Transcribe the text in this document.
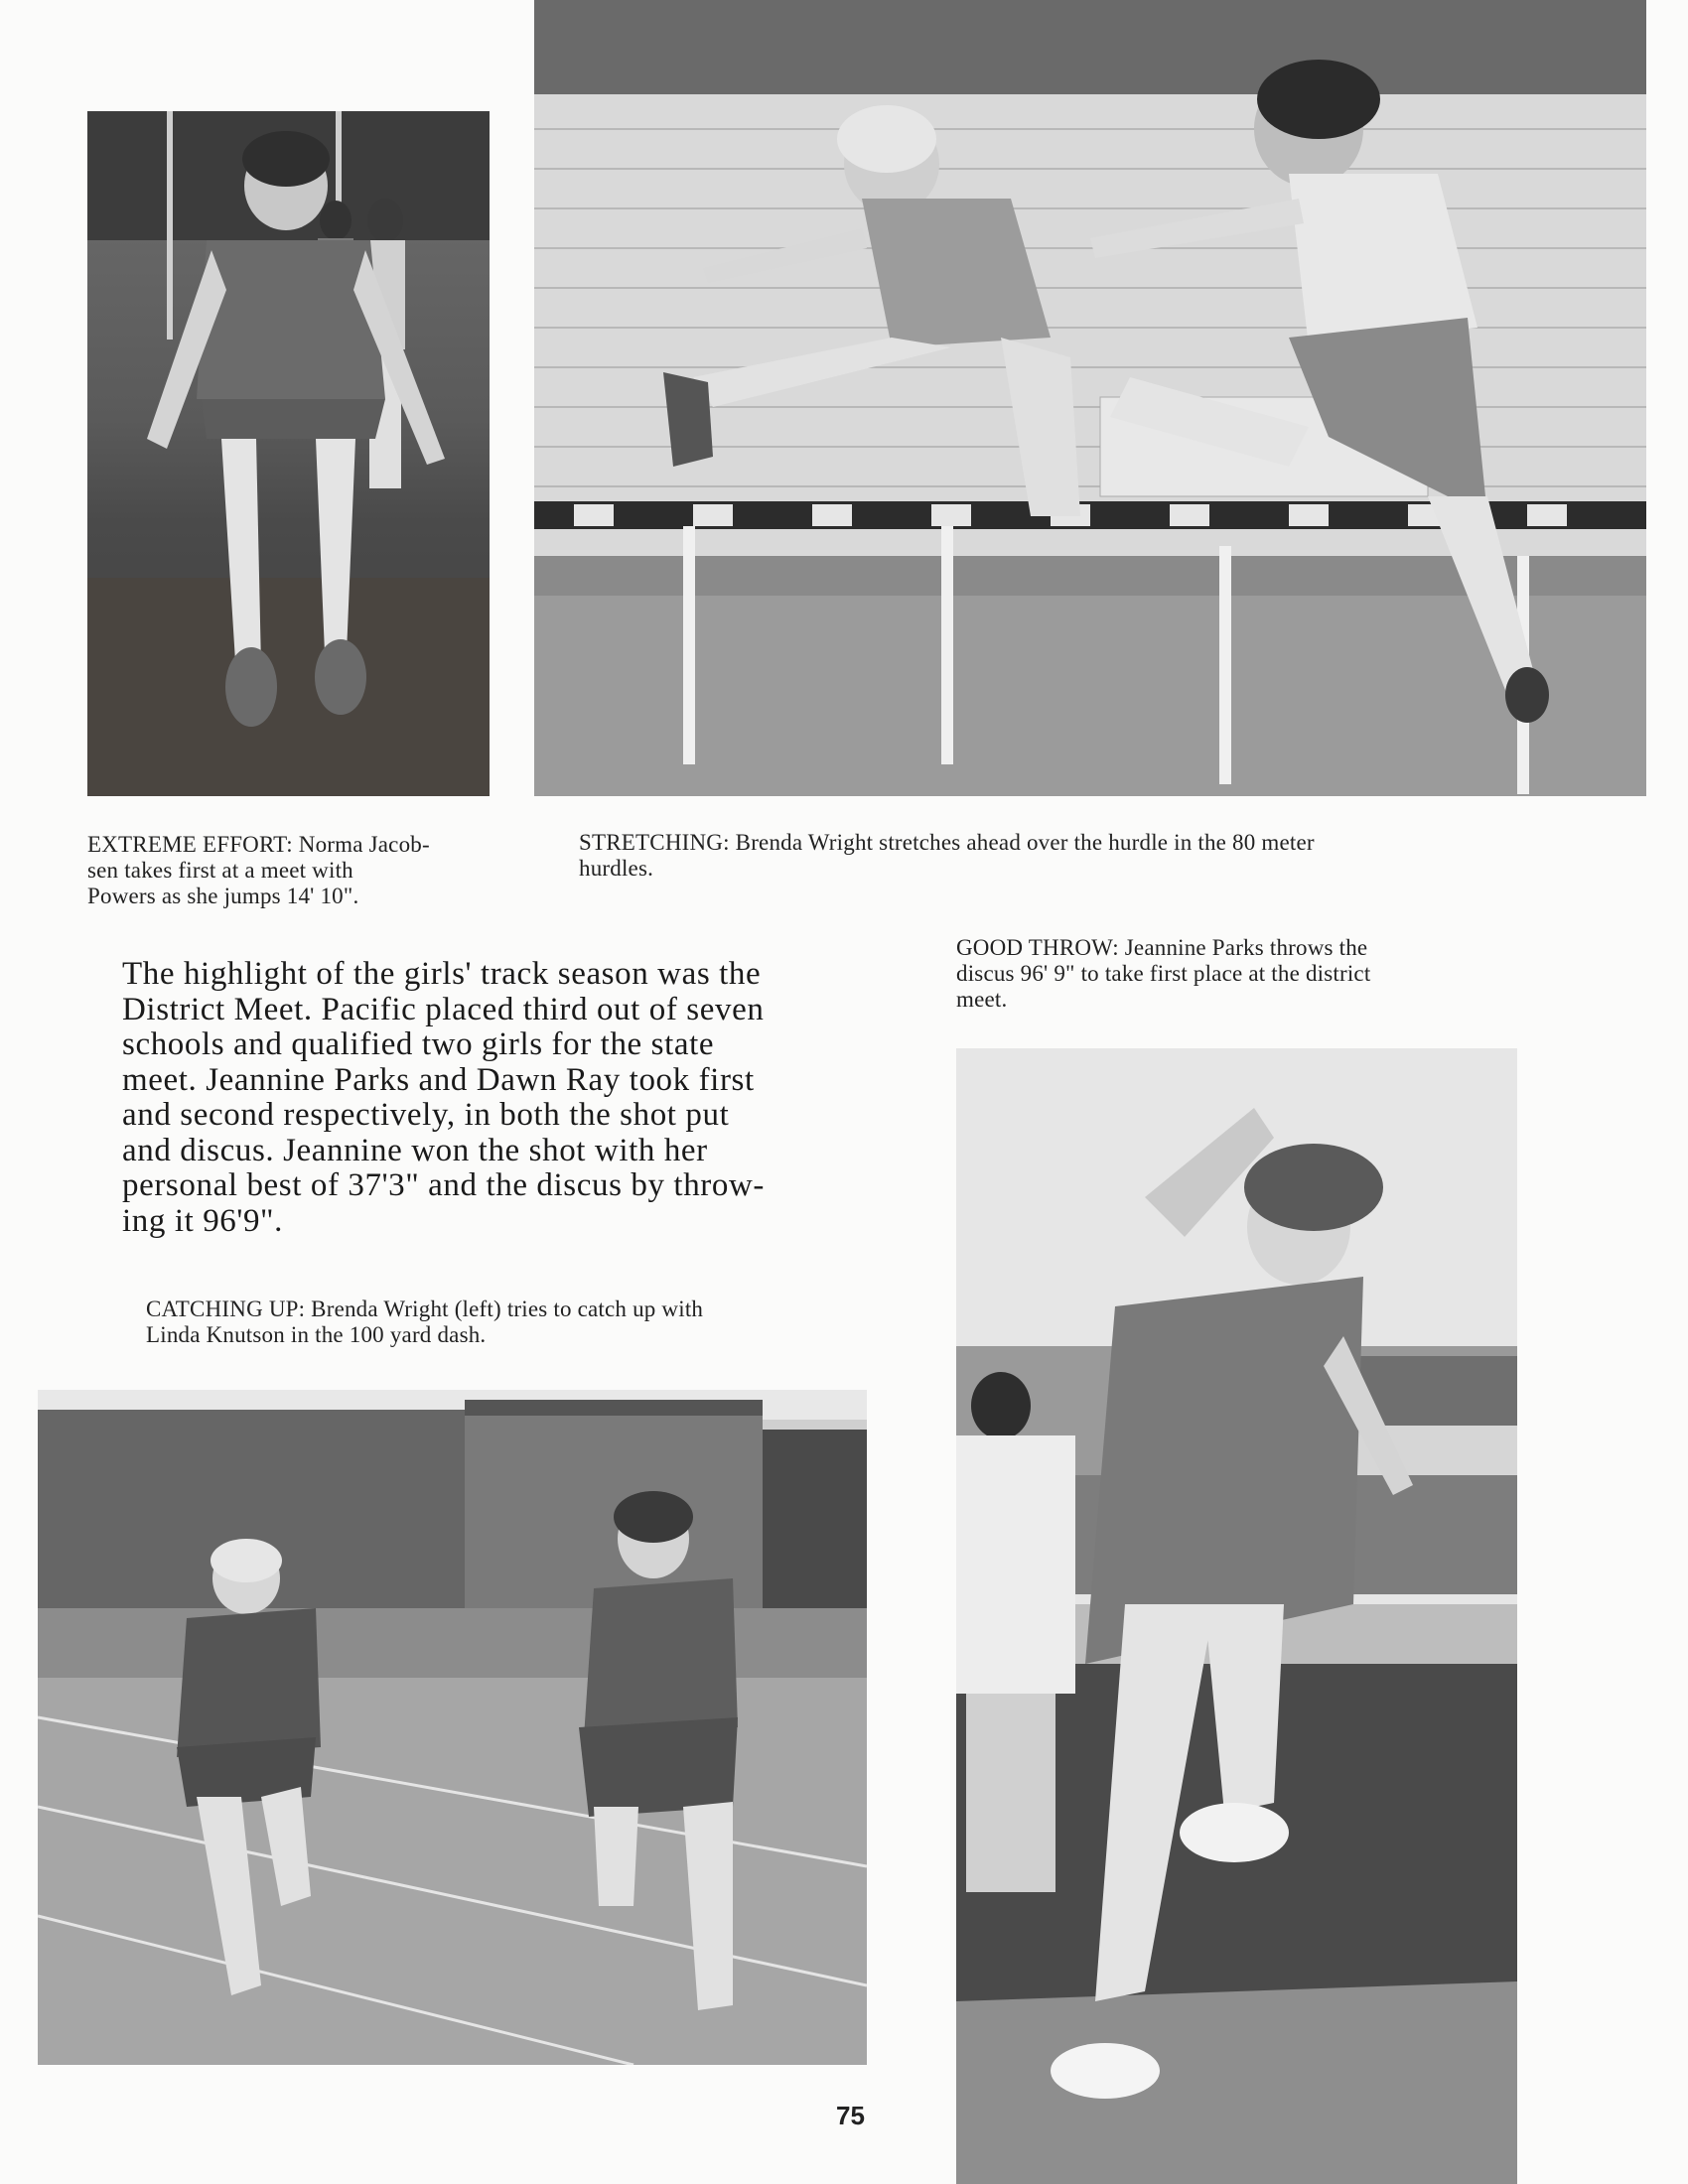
EXTREME EFFORT: Norma Jacob-
sen takes first at a meet with
Powers as she jumps 14' 10".
STRETCHING: Brenda Wright stretches ahead over the hurdle in the 80 meter
hurdles.
GOOD THROW: Jeannine Parks throws the
discus 96' 9" to take first place at the district
meet.
The highlight of the girls' track season was the
District Meet. Pacific placed third out of seven
schools and qualified two girls for the state
meet. Jeannine Parks and Dawn Ray took first
and second respectively, in both the shot put
and discus. Jeannine won the shot with her
personal best of 37'3" and the discus by throw-
ing it 96'9".
CATCHING UP: Brenda Wright (left) tries to catch up with
Linda Knutson in the 100 yard dash.
75
